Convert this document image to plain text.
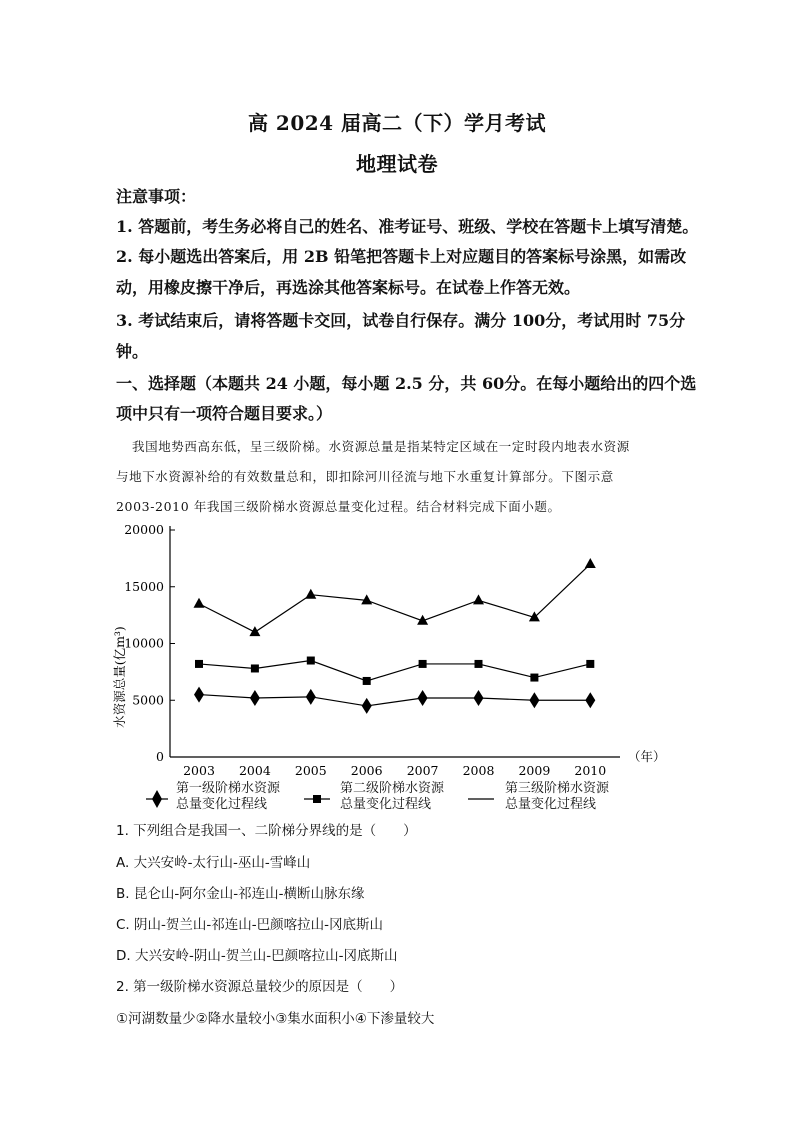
高 2024 届高二（下）学月考试
地理试卷
注意事项：
1. 答题前，考生务必将自己的姓名、准考证号、班级、学校在答题卡上填写清楚。
2. 每小题选出答案后，用 2B 铅笔把答题卡上对应题目的答案标号涂黑，如需改
动，用橡皮擦干净后，再选涂其他答案标号。在试卷上作答无效。
3. 考试结束后，请将答题卡交回，试卷自行保存。满分 100分，考试用时 75分
钟。
一、选择题（本题共 24 小题，每小题 2.5 分，共 60分。在每小题给出的四个选
项中只有一项符合题目要求。）
我国地势西高东低，呈三级阶梯。水资源总量是指某特定区域在一定时段内地表水资源
与地下水资源补给的有效数量总和，即扣除河川径流与地下水重复计算部分。下图示意
2003-2010 年我国三级阶梯水资源总量变化过程。结合材料完成下面小题。
0
5000
10000
15000
20000
2003 2004 2005 2006 2007 2008 2009 2010
（年）
水资源总量(亿m³)
第一级阶梯水资源
总量变化过程线
第二级阶梯水资源
总量变化过程线
第三级阶梯水资源
总量变化过程线
1. 下列组合是我国一、二阶梯分界线的是（　　）
A. 大兴安岭-太行山-巫山-雪峰山
B. 昆仑山-阿尔金山-祁连山-横断山脉东缘
C. 阴山-贺兰山-祁连山-巴颜喀拉山-冈底斯山
D. 大兴安岭-阴山-贺兰山-巴颜喀拉山-冈底斯山
2. 第一级阶梯水资源总量较少的原因是（　　）
①河湖数量少②降水量较小③集水面积小④下渗量较大
